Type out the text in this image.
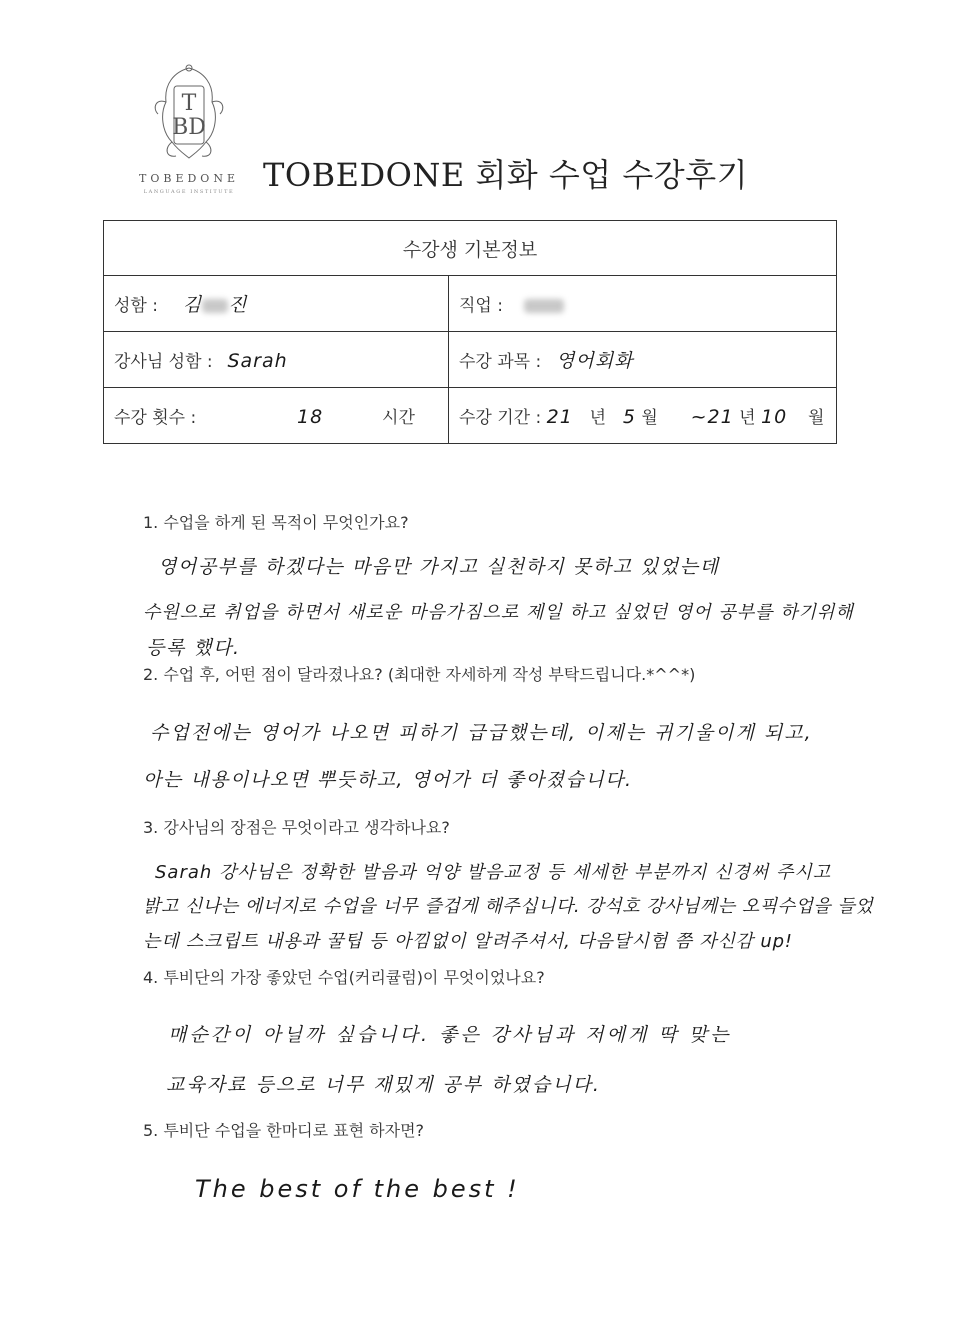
T
BD
TOBEDONE
LANGUAGE INSTITUTE TOBEDONE 회화 수업 수강후기
수강생 기본정보	
성함 : 김 진	직업 :
강사님 성함 : Sarah	수강 과목 : 영어회화
수강 횟수 : 18 시간	수강 기간 : 21 년 5 월 ~21 년 10 월
1. 수업을 하게 된 목적이 무엇인가요?
영어공부를 하겠다는 마음만 가지고 실천하지 못하고 있었는데
수원으로 취업을 하면서 새로운 마음가짐으로 제일 하고 싶었던 영어 공부를 하기위해
등록 했다.
2. 수업 후, 어떤 점이 달라졌나요? (최대한 자세하게 작성 부탁드립니다.*^^*)
수업전에는 영어가 나오면 피하기 급급했는데, 이제는 귀기울이게 되고,
아는 내용이나오면 뿌듯하고, 영어가 더 좋아졌습니다.
3. 강사님의 장점은 무엇이라고 생각하나요?
Sarah 강사님은 정확한 발음과 억양 발음교정 등 세세한 부분까지 신경써 주시고
밝고 신나는 에너지로 수업을 너무 즐겁게 해주십니다. 강석호 강사님께는 오픽수업을 들었
는데 스크립트 내용과 꿀팁 등 아낌없이 알려주셔서, 다음달시험 쯤 자신감 up!
4. 투비단의 가장 좋았던 수업(커리큘럼)이 무엇이었나요?
매순간이 아닐까 싶습니다. 좋은 강사님과 저에게 딱 맞는
교육자료 등으로 너무 재밌게 공부 하였습니다.
5. 투비단 수업을 한마디로 표현 하자면?
The best of the best !
